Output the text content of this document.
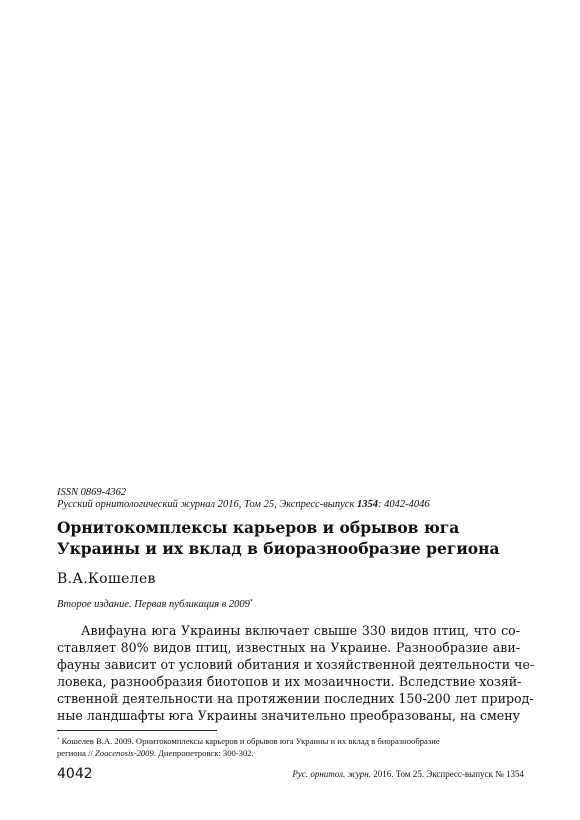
ISSN 0869-4362
Русский орнитологический журнал 2016, Том 25, Экспресс-выпуск 1354: 4042-4046
Орнитокомплексы карьеров и обрывов юга
Украины и их вклад в биоразнообразие региона
В.А.Кошелев
Второе издание. Первая публикация в 2009*
Авифауна юга Украины включает свыше 330 видов птиц, что со-
ставляет 80% видов птиц, известных на Украине. Разнообразие ави-
фауны зависит от условий обитания и хозяйственной деятельности че-
ловека, разнообразия биотопов и их мозаичности. Вследствие хозяй-
ственной деятельности на протяжении последних 150-200 лет природ-
ные ландшафты юга Украины значительно преобразованы, на смену
* Кошелев В.А. 2009. Орнитокомплексы карьеров и обрывов юга Украины и их вклад в биоразнообразие
региона // Zoocenosis-2009. Днепропетровск: 300-302.
4042	Рус. орнитол. журн. 2016. Том 25. Экспресс-выпуск № 1354
